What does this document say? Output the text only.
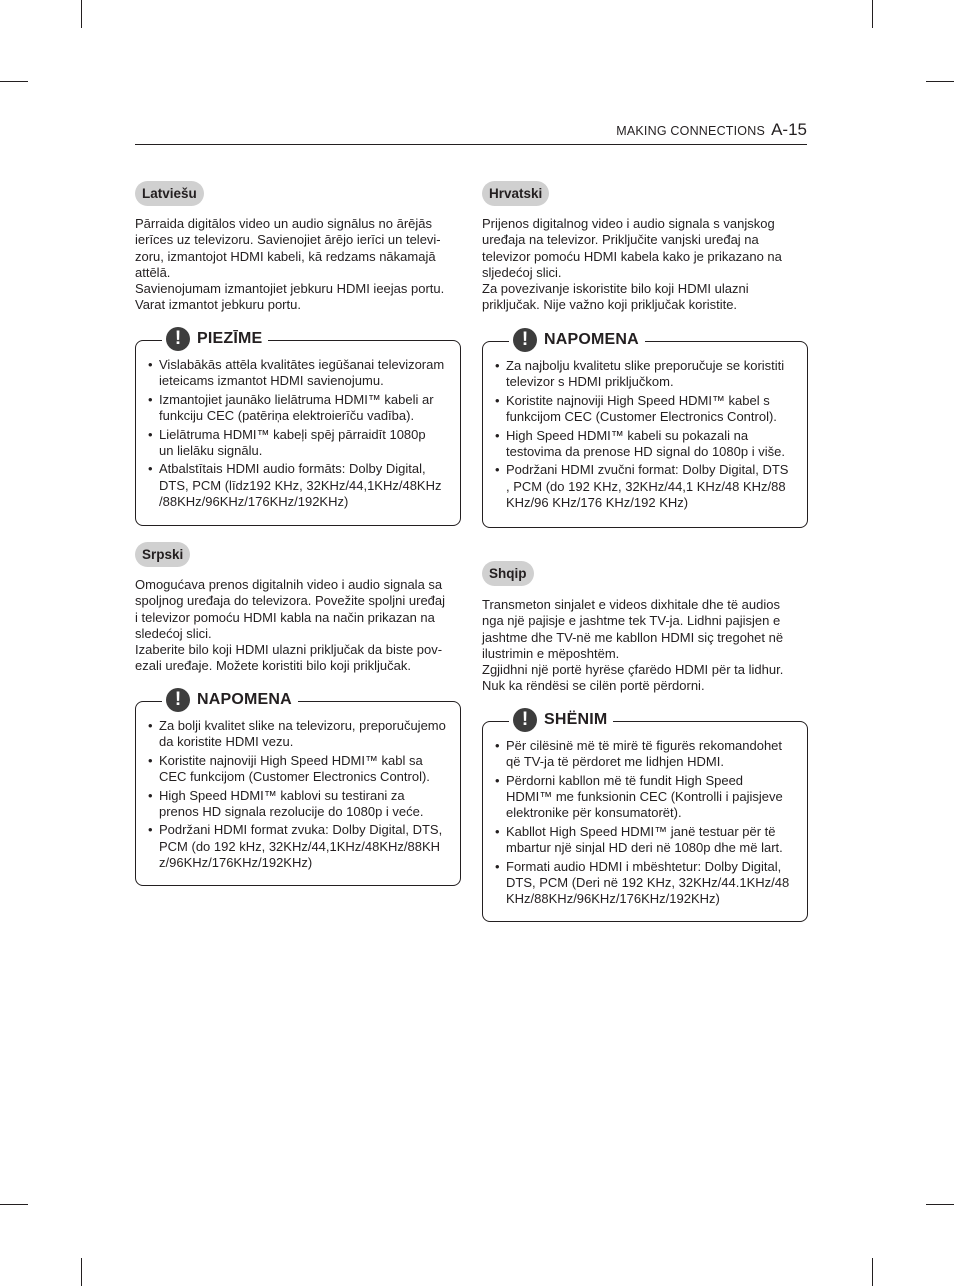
MAKING CONNECTIONS A-15
Latviešu
Pārraida digitālos video un audio signālus no ārējās
ierīces uz televizoru. Savienojiet ārējo ierīci un televi-
zoru, izmantojot HDMI kabeli, kā redzams nākamajā
attēlā.
Savienojumam izmantojiet jebkuru HDMI ieejas portu.
Varat izmantot jebkuru portu.
! PIEZĪME
• Vislabākās attēla kvalitātes iegūšanai televizoram
ieteicams izmantot HDMI savienojumu.
• Izmantojiet jaunāko lielātruma HDMI™ kabeli ar
funkciju CEC (patēriņa elektroierīču vadība).
• Lielātruma HDMI™ kabeļi spēj pārraidīt 1080p
un lielāku signālu.
• Atbalstītais HDMI audio formāts: Dolby Digital,
DTS, PCM (līdz192 KHz, 32KHz/44,1KHz/48KHz
/88KHz/96KHz/176KHz/192KHz)
Srpski
Omogućava prenos digitalnih video i audio signala sa
spoljnog uređaja do televizora. Povežite spoljni uređaj
i televizor pomoću HDMI kabla na način prikazan na
sledećoj slici.
Izaberite bilo koji HDMI ulazni priključak da biste pov-
ezali uređaje. Možete koristiti bilo koji priključak.
! NAPOMENA
• Za bolji kvalitet slike na televizoru, preporučujemo
da koristite HDMI vezu.
• Koristite najnoviji High Speed HDMI™ kabl sa
CEC funkcijom (Customer Electronics Control).
• High Speed HDMI™ kablovi su testirani za
prenos HD signala rezolucije do 1080p i veće.
• Podržani HDMI format zvuka: Dolby Digital, DTS,
PCM (do 192 kHz, 32KHz/44,1KHz/48KHz/88KH
z/96KHz/176KHz/192KHz)
Hrvatski
Prijenos digitalnog video i audio signala s vanjskog
uređaja na televizor. Priključite vanjski uređaj na
televizor pomoću HDMI kabela kako je prikazano na
sljedećoj slici.
Za povezivanje iskoristite bilo koji HDMI ulazni
priključak. Nije važno koji priključak koristite.
! NAPOMENA
• Za najbolju kvalitetu slike preporučuje se koristiti
televizor s HDMI priključkom.
• Koristite najnoviji High Speed HDMI™ kabel s
funkcijom CEC (Customer Electronics Control).
• High Speed HDMI™ kabeli su pokazali na
testovima da prenose HD signal do 1080p i više.
• Podržani HDMI zvučni format: Dolby Digital, DTS
, PCM (do 192 KHz, 32KHz/44,1 KHz/48 KHz/88
KHz/96 KHz/176 KHz/192 KHz)
Shqip
Transmeton sinjalet e videos dixhitale dhe të audios
nga një pajisje e jashtme tek TV-ja. Lidhni pajisjen e
jashtme dhe TV-në me kabllon HDMI siç tregohet në
ilustrimin e mëposhtëm.
Zgjidhni një portë hyrëse çfarëdo HDMI për ta lidhur.
Nuk ka rëndësi se cilën portë përdorni.
! SHËNIM
• Për cilësinë më të mirë të figurës rekomandohet
që TV-ja të përdoret me lidhjen HDMI.
• Përdorni kabllon më të fundit High Speed
HDMI™ me funksionin CEC (Kontrolli i pajisjeve
elektronike për konsumatorët).
• Kabllot High Speed HDMI™ janë testuar për të
mbartur një sinjal HD deri në 1080p dhe më lart.
• Formati audio HDMI i mbështetur: Dolby Digital,
DTS, PCM (Deri në 192 KHz, 32KHz/44.1KHz/48
KHz/88KHz/96KHz/176KHz/192KHz)
